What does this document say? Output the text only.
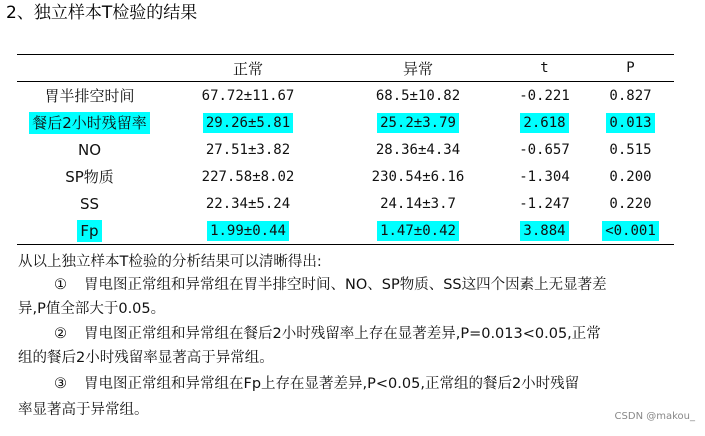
2、独立样本T检验的结果
	正常	异常	t	P
胃半排空时间	67.72±11.67	68.5±10.82	-0.221	0.827
餐后2小时残留率	29.26±5.81	25.2±3.79	2.618	0.013
NO	27.51±3.82	28.36±4.34	-0.657	0.515
SP物质	227.58±8.02	230.54±6.16	-1.304	0.200
SS	22.34±5.24	24.14±3.7	-1.247	0.220
Fp	1.99±0.44	1.47±0.42	3.884	<0.001
从以上独立样本T检验的分析结果可以清晰得出:
① 胃电图正常组和异常组在胃半排空时间、NO、SP物质、SS这四个因素上无显著差
异,P值全部大于0.05。
② 胃电图正常组和异常组在餐后2小时残留率上存在显著差异,P=0.013<0.05,正常
组的餐后2小时残留率显著高于异常组。
③ 胃电图正常组和异常组在Fp上存在显著差异,P<0.05,正常组的餐后2小时残留
率显著高于异常组。	CSDN @makou_
